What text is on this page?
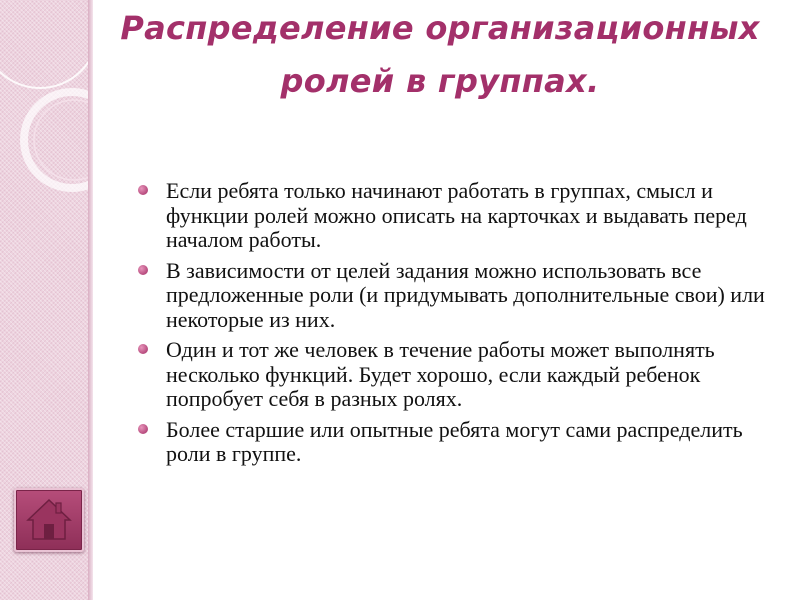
Распределение организационных ролей в группах.
Если ребята только начинают работать в группах, смысл и функции ролей можно описать на карточках и выдавать перед началом работы.
В зависимости от целей задания можно использовать все предложенные роли (и придумывать дополнительные свои) или некоторые из них.
Один и тот же человек в течение работы может выполнять несколько функций. Будет хорошо, если каждый ребенок попробует себя в разных ролях.
Более старшие или опытные ребята могут сами распределить роли в группе.
